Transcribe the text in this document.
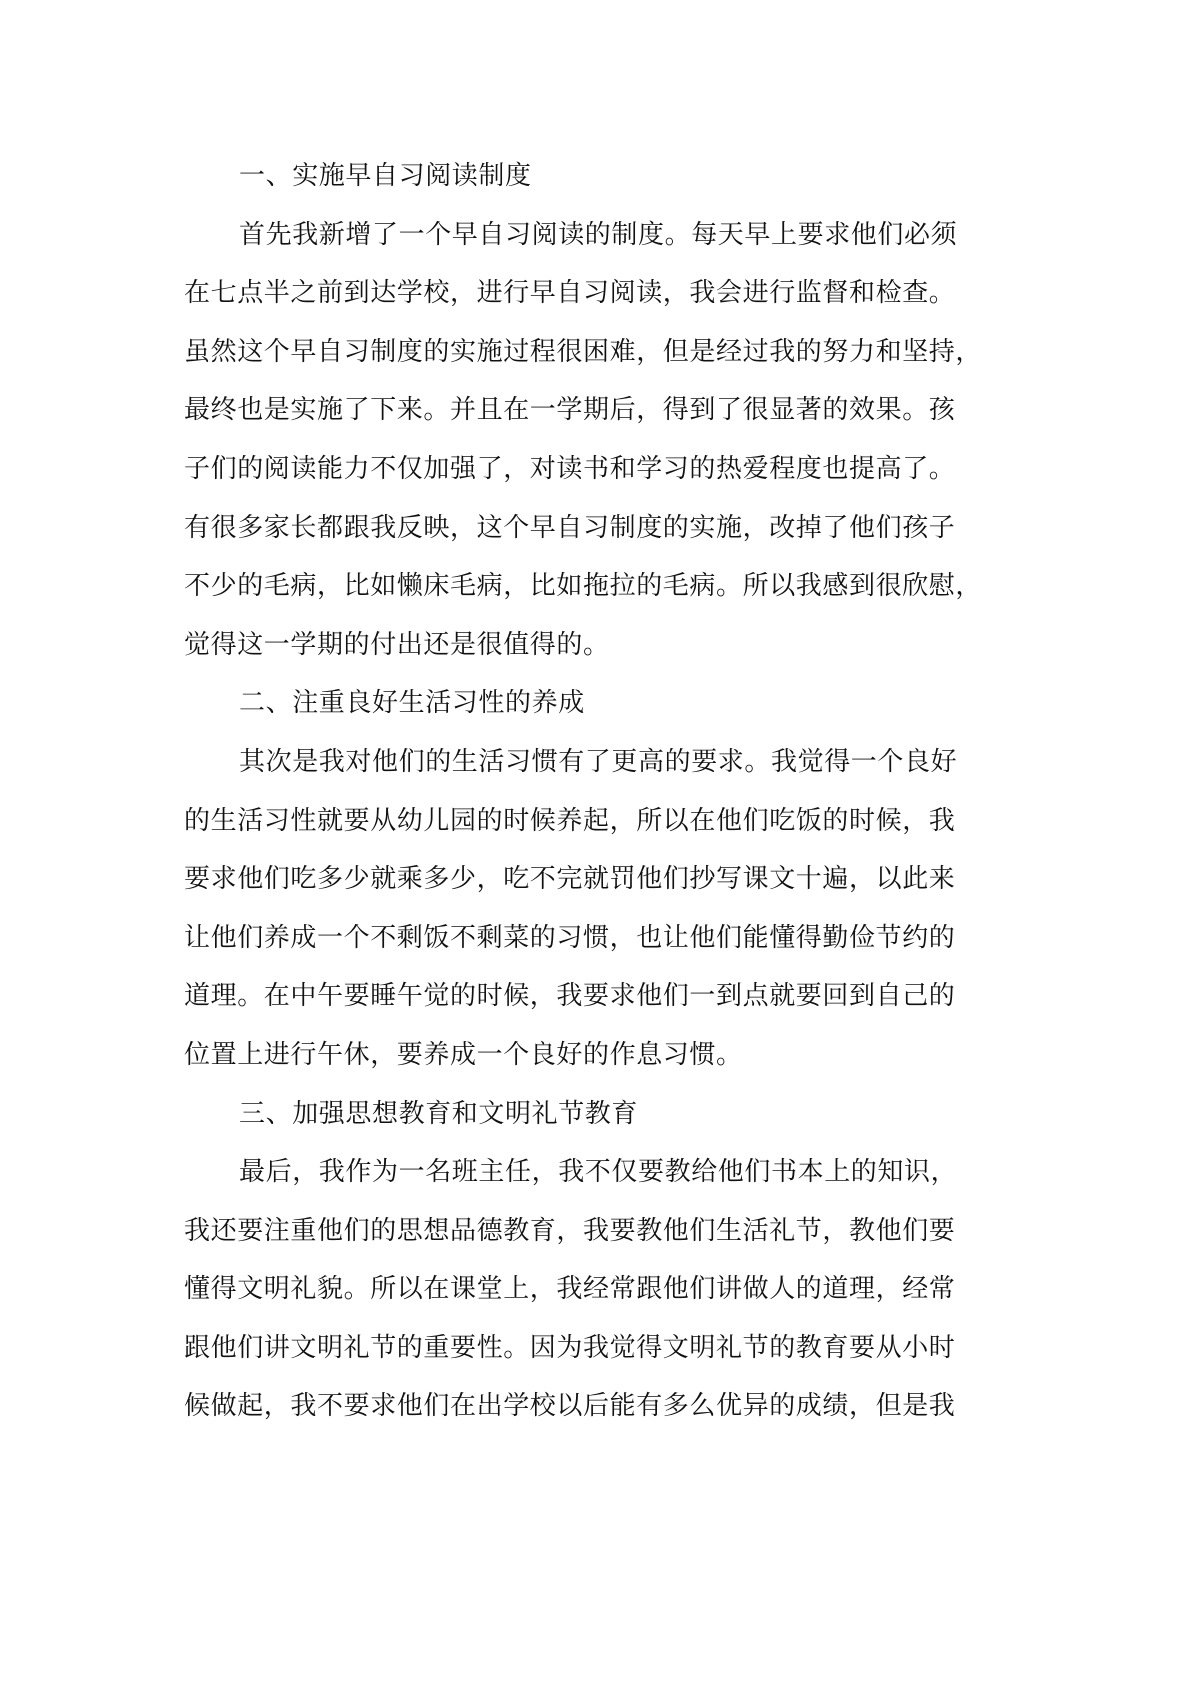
一、实施早自习阅读制度
首先我新增了一个早自习阅读的制度。每天早上要求他们必须
在七点半之前到达学校，进行早自习阅读，我会进行监督和检查。
虽然这个早自习制度的实施过程很困难，但是经过我的努力和坚持，
最终也是实施了下来。并且在一学期后，得到了很显著的效果。孩
子们的阅读能力不仅加强了，对读书和学习的热爱程度也提高了。
有很多家长都跟我反映，这个早自习制度的实施，改掉了他们孩子
不少的毛病，比如懒床毛病，比如拖拉的毛病。所以我感到很欣慰，
觉得这一学期的付出还是很值得的。
二、注重良好生活习性的养成
其次是我对他们的生活习惯有了更高的要求。我觉得一个良好
的生活习性就要从幼儿园的时候养起，所以在他们吃饭的时候，我
要求他们吃多少就乘多少，吃不完就罚他们抄写课文十遍，以此来
让他们养成一个不剩饭不剩菜的习惯，也让他们能懂得勤俭节约的
道理。在中午要睡午觉的时候，我要求他们一到点就要回到自己的
位置上进行午休，要养成一个良好的作息习惯。
三、加强思想教育和文明礼节教育
最后，我作为一名班主任，我不仅要教给他们书本上的知识，
我还要注重他们的思想品德教育，我要教他们生活礼节，教他们要
懂得文明礼貌。所以在课堂上，我经常跟他们讲做人的道理，经常
跟他们讲文明礼节的重要性。因为我觉得文明礼节的教育要从小时
候做起，我不要求他们在出学校以后能有多么优异的成绩，但是我
